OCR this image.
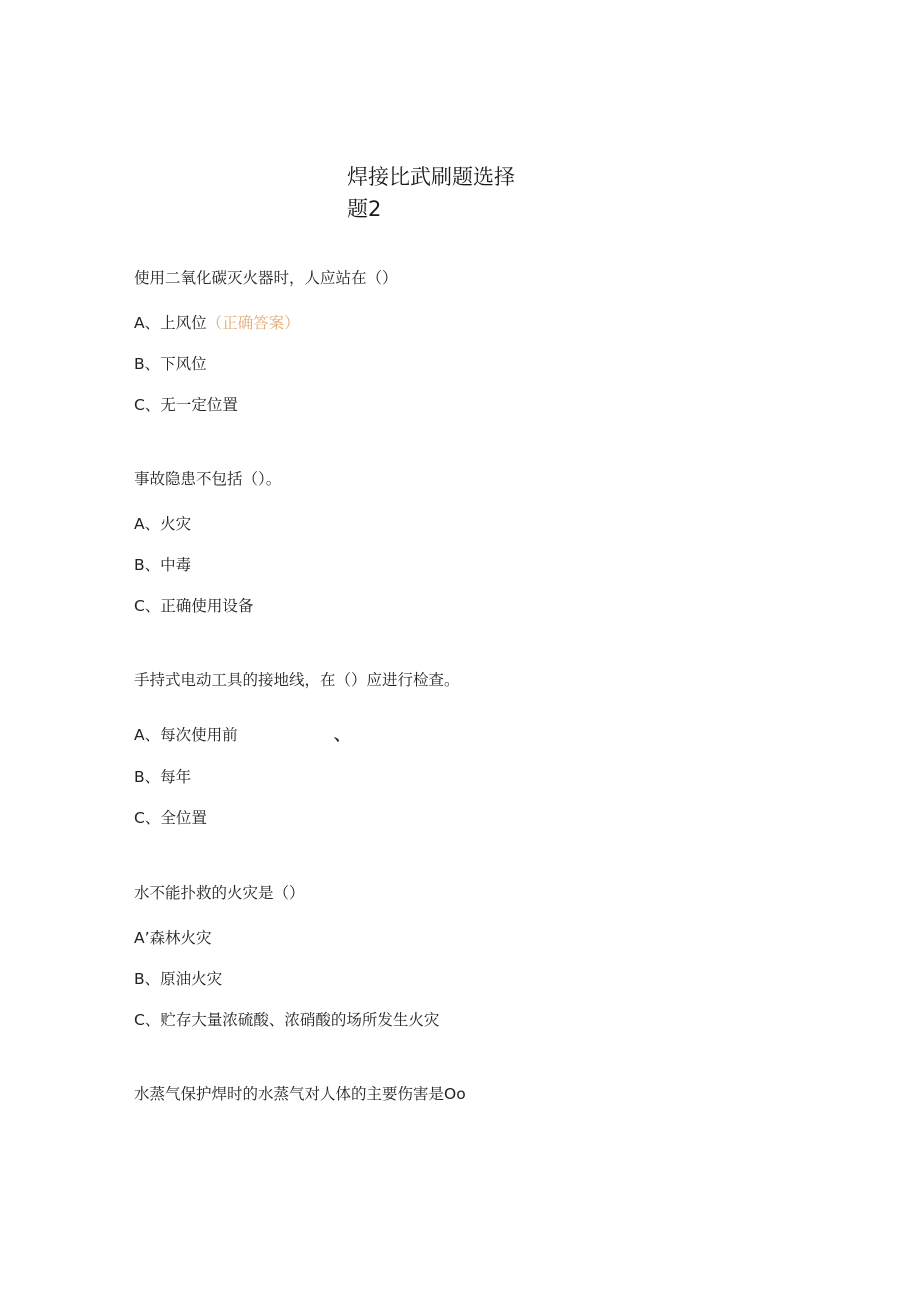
焊接比武刷题选择
题2
使用二氧化碳灭火器时，人应站在（）
A、上风位（正确答案）
B、下风位
C、无一定位置
事故隐患不包括（）。
A、火灾
B、中毒
C、正确使用设备
手持式电动工具的接地线，在（）应进行检查。
A、每次使用前	、
B、每年
C、全位置
水不能扑救的火灾是（）
A’森林火灾
B、原油火灾
C、贮存大量浓硫酸、浓硝酸的场所发生火灾
水蒸气保护焊时的水蒸气对人体的主要伤害是Oo
